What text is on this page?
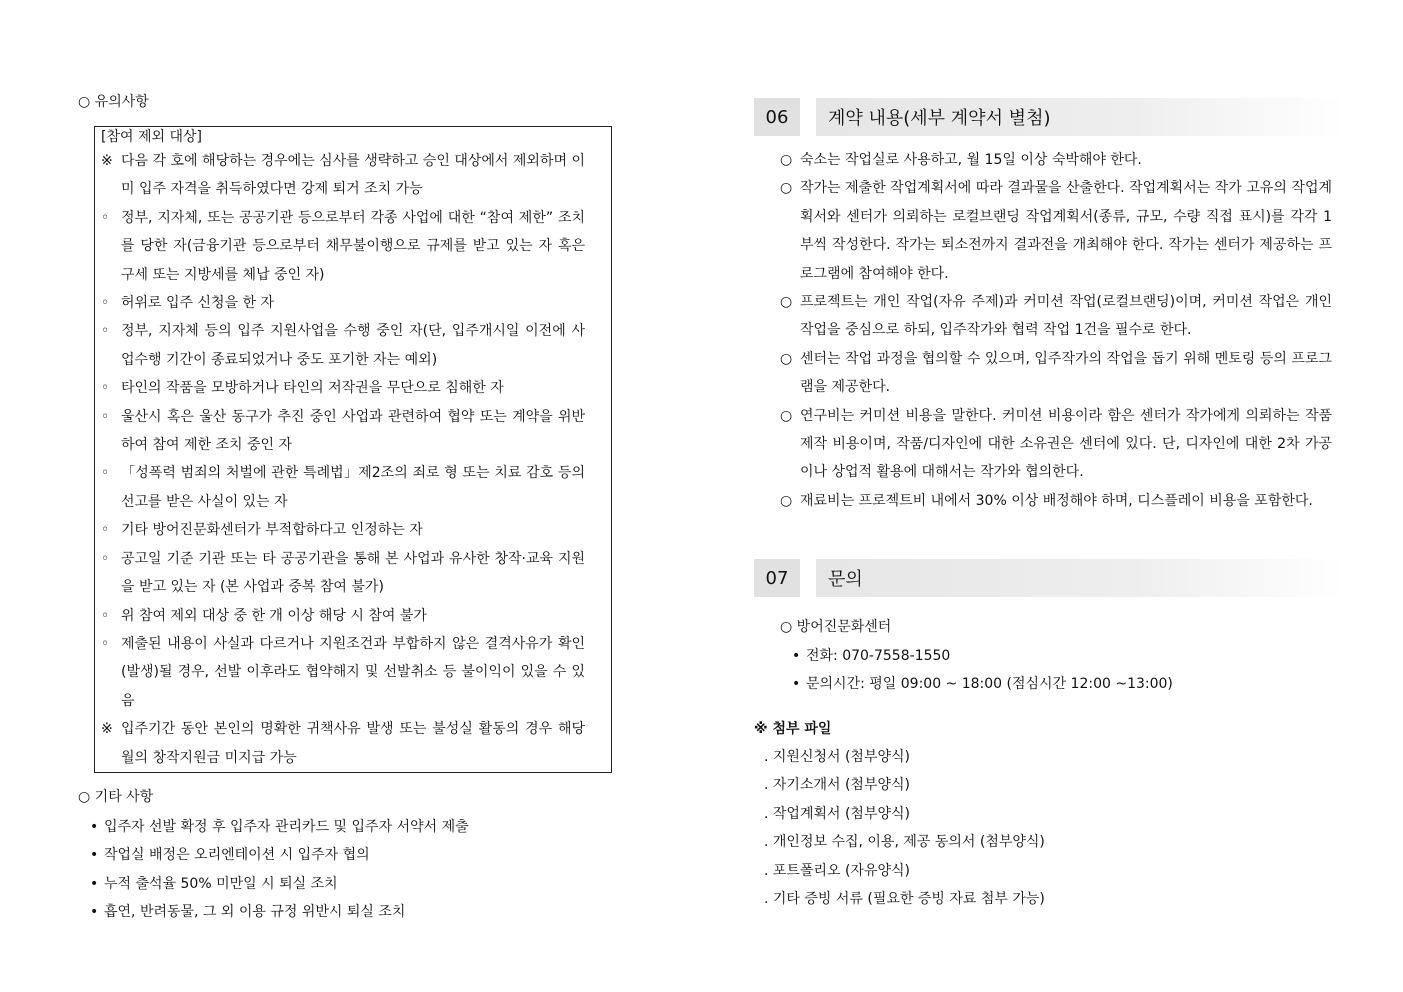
○ 유의사항
[참여 제외 대상]
※ 다음 각 호에 해당하는 경우에는 심사를 생략하고 승인 대상에서 제외하며 이미 입주 자격을 취득하였다면 강제 퇴거 조치 가능
◦ 정부, 지자체, 또는 공공기관 등으로부터 각종 사업에 대한 “참여 제한” 조치를 당한 자(금융기관 등으로부터 채무불이행으로 규제를 받고 있는 자 혹은 구세 또는 지방세를 체납 중인 자)
◦ 허위로 입주 신청을 한 자
◦ 정부, 지자체 등의 입주 지원사업을 수행 중인 자(단, 입주개시일 이전에 사업수행 기간이 종료되었거나 중도 포기한 자는 예외)
◦ 타인의 작품을 모방하거나 타인의 저작권을 무단으로 침해한 자
◦ 울산시 혹은 울산 동구가 추진 중인 사업과 관련하여 협약 또는 계약을 위반하여 참여 제한 조치 중인 자
◦ 「성폭력 범죄의 처벌에 관한 특례법」제2조의 죄로 형 또는 치료 감호 등의 선고를 받은 사실이 있는 자
◦ 기타 방어진문화센터가 부적합하다고 인정하는 자
◦ 공고일 기준 기관 또는 타 공공기관을 통해 본 사업과 유사한 창작·교육 지원을 받고 있는 자 (본 사업과 중복 참여 불가)
◦ 위 참여 제외 대상 중 한 개 이상 해당 시 참여 불가
◦ 제출된 내용이 사실과 다르거나 지원조건과 부합하지 않은 결격사유가 확인(발생)될 경우, 선발 이후라도 협약해지 및 선발취소 등 불이익이 있을 수 있음
※ 입주기간 동안 본인의 명확한 귀책사유 발생 또는 불성실 활동의 경우 해당 월의 창작지원금 미지급 가능
○ 기타 사항
• 입주자 선발 확정 후 입주자 관리카드 및 입주자 서약서 제출
• 작업실 배정은 오리엔테이션 시 입주자 협의
• 누적 출석율 50% 미만일 시 퇴실 조치
• 흡연, 반려동물, 그 외 이용 규정 위반시 퇴실 조치
06	계약 내용(세부 계약서 별첨)
○ 숙소는 작업실로 사용하고, 월 15일 이상 숙박해야 한다.
○ 작가는 제출한 작업계획서에 따라 결과물을 산출한다. 작업계획서는 작가 고유의 작업계획서와 센터가 의뢰하는 로컬브랜딩 작업계획서(종류, 규모, 수량 직접 표시)를 각각 1부씩 작성한다. 작가는 퇴소전까지 결과전을 개최해야 한다. 작가는 센터가 제공하는 프로그램에 참여해야 한다.
○ 프로젝트는 개인 작업(자유 주제)과 커미션 작업(로컬브랜딩)이며, 커미션 작업은 개인 작업을 중심으로 하되, 입주작가와 협력 작업 1건을 필수로 한다.
○ 센터는 작업 과정을 협의할 수 있으며, 입주작가의 작업을 돕기 위해 멘토링 등의 프로그램을 제공한다.
○ 연구비는 커미션 비용을 말한다. 커미션 비용이라 함은 센터가 작가에게 의뢰하는 작품 제작 비용이며, 작품/디자인에 대한 소유권은 센터에 있다. 단, 디자인에 대한 2차 가공이나 상업적 활용에 대해서는 작가와 협의한다.
○ 재료비는 프로젝트비 내에서 30% 이상 배정해야 하며, 디스플레이 비용을 포함한다.
07	문의
○ 방어진문화센터
• 전화: 070-7558-1550
• 문의시간: 평일 09:00 ~ 18:00 (점심시간 12:00 ~13:00)
※ 첨부 파일
. 지원신청서 (첨부양식)
. 자기소개서 (첨부양식)
. 작업계획서 (첨부양식)
. 개인정보 수집, 이용, 제공 동의서 (첨부양식)
. 포트폴리오 (자유양식)
. 기타 증빙 서류 (필요한 증빙 자료 첨부 가능)
